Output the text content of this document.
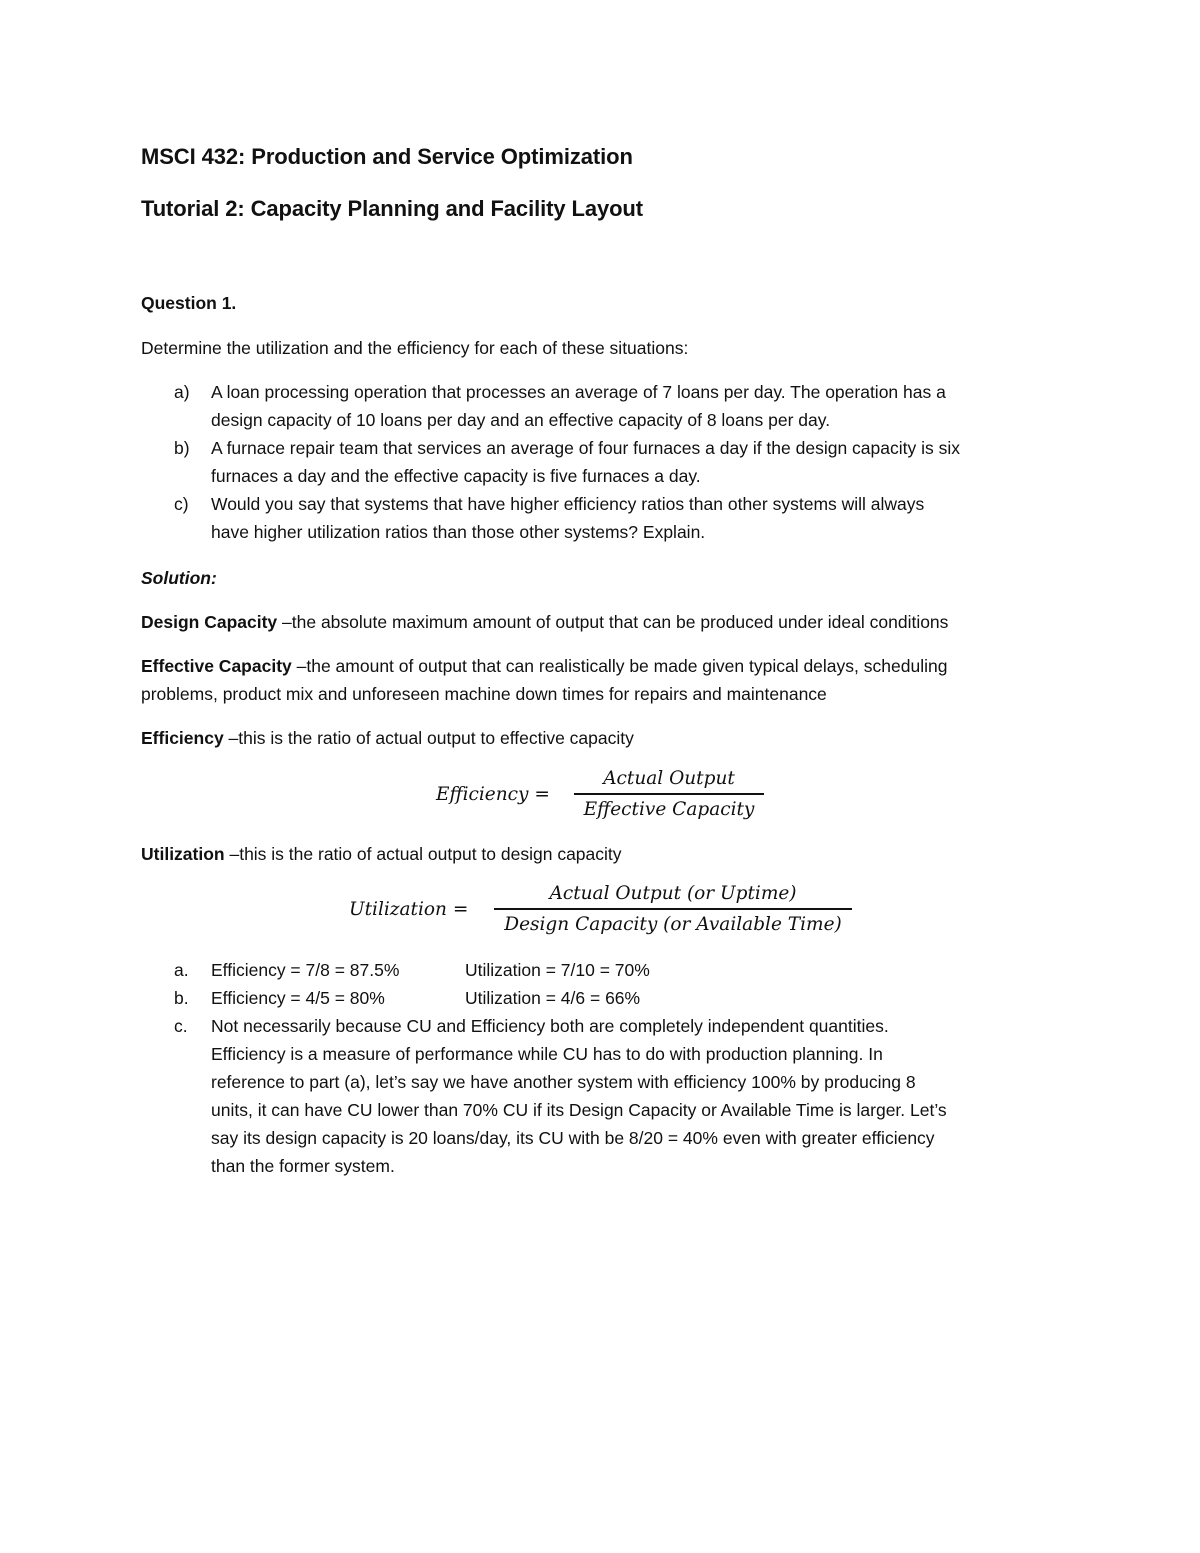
MSCI 432: Production and Service Optimization
Tutorial 2: Capacity Planning and Facility Layout
Question 1.
Determine the utilization and the efficiency for each of these situations:
a)	A loan processing operation that processes an average of 7 loans per day. The operation has a
design capacity of 10 loans per day and an effective capacity of 8 loans per day.
b)	A furnace repair team that services an average of four furnaces a day if the design capacity is six
furnaces a day and the effective capacity is five furnaces a day.
c)	Would you say that systems that have higher efficiency ratios than other systems will always
have higher utilization ratios than those other systems? Explain.
Solution:
Design Capacity –the absolute maximum amount of output that can be produced under ideal conditions
Effective Capacity –the amount of output that can realistically be made given typical delays, scheduling
problems, product mix and unforeseen machine down times for repairs and maintenance
Efficiency –this is the ratio of actual output to effective capacity
Efficiency =
Actual Output
Effective Capacity
Utilization –this is the ratio of actual output to design capacity
Utilization =
Actual Output (or Uptime)
Design Capacity (or Available Time)
a.	Efficiency = 7/8 = 87.5%	Utilization = 7/10 = 70%
b.	Efficiency = 4/5 = 80%	Utilization = 4/6 = 66%
c.	Not necessarily because CU and Efficiency both are completely independent quantities.
Efficiency is a measure of performance while CU has to do with production planning. In
reference to part (a), let’s say we have another system with efficiency 100% by producing 8
units, it can have CU lower than 70% CU if its Design Capacity or Available Time is larger. Let’s
say its design capacity is 20 loans/day, its CU with be 8/20 = 40% even with greater efficiency
than the former system.
